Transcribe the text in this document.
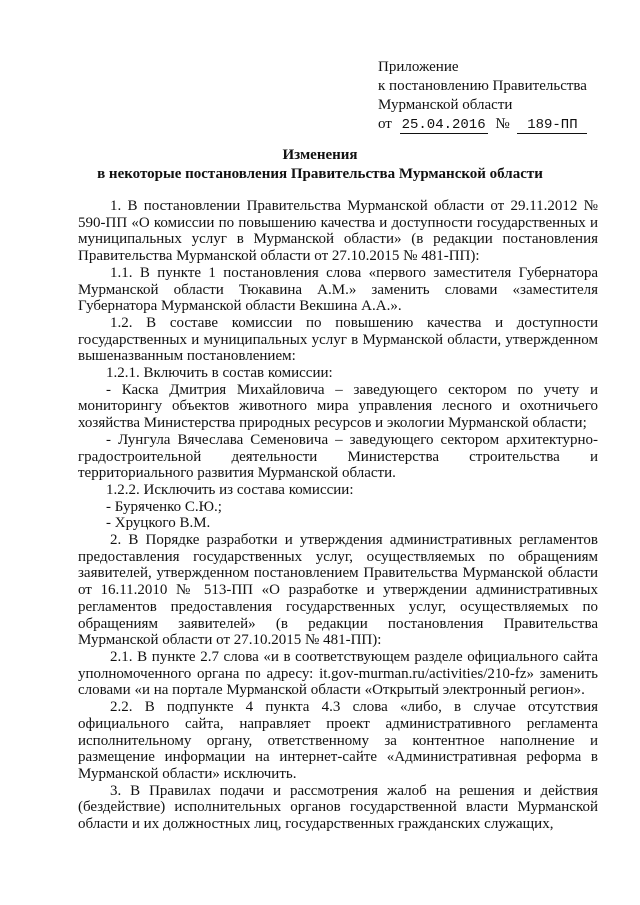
Приложение
к постановлению Правительства
Мурманской области
от 25.04.2016 № 189-ПП
Изменения
в некоторые постановления Правительства Мурманской области

1. В постановлении Правительства Мурманской области от 29.11.2012 № 590-ПП «О комиссии по повышению качества и доступности государственных и муниципальных услуг в Мурманской области» (в редакции постановления Правительства Мурманской области от 27.10.2015 № 481-ПП):

1.1. В пункте 1 постановления слова «первого заместителя Губернатора Мурманской области Тюкавина А.М.» заменить словами «заместителя Губернатора Мурманской области Векшина А.А.».

1.2. В составе комиссии по повышению качества и доступности государственных и муниципальных услуг в Мурманской области, утвержденном вышеназванным постановлением:

1.2.1. Включить в состав комиссии:

- Каска Дмитрия Михайловича – заведующего сектором по учету и мониторингу объектов животного мира управления лесного и охотничьего хозяйства Министерства природных ресурсов и экологии Мурманской области;

- Лунгула Вячеслава Семеновича – заведующего сектором архитектурно-градостроительной деятельности Министерства строительства и территориального развития Мурманской области.

1.2.2. Исключить из состава комиссии:

- Буряченко С.Ю.;

- Хруцкого В.М.

2. В Порядке разработки и утверждения административных регламентов предоставления государственных услуг, осуществляемых по обращениям заявителей, утвержденном постановлением Правительства Мурманской области от 16.11.2010 № 513-ПП «О разработке и утверждении административных регламентов предоставления государственных услуг, осуществляемых по обращениям заявителей» (в редакции постановления Правительства Мурманской области от 27.10.2015 № 481-ПП):

2.1. В пункте 2.7 слова «и в соответствующем разделе официального сайта уполномоченного органа по адресу: it.gov-murman.ru/activities/210-fz» заменить словами «и на портале Мурманской области «Открытый электронный регион».

2.2. В подпункте 4 пункта 4.3 слова «либо, в случае отсутствия официального сайта, направляет проект административного регламента исполнительному органу, ответственному за контентное наполнение и размещение информации на интернет-сайте «Административная реформа в Мурманской области» исключить.

3. В Правилах подачи и рассмотрения жалоб на решения и действия (бездействие) исполнительных органов государственной власти Мурманской области и их должностных лиц, государственных гражданских служащих,
